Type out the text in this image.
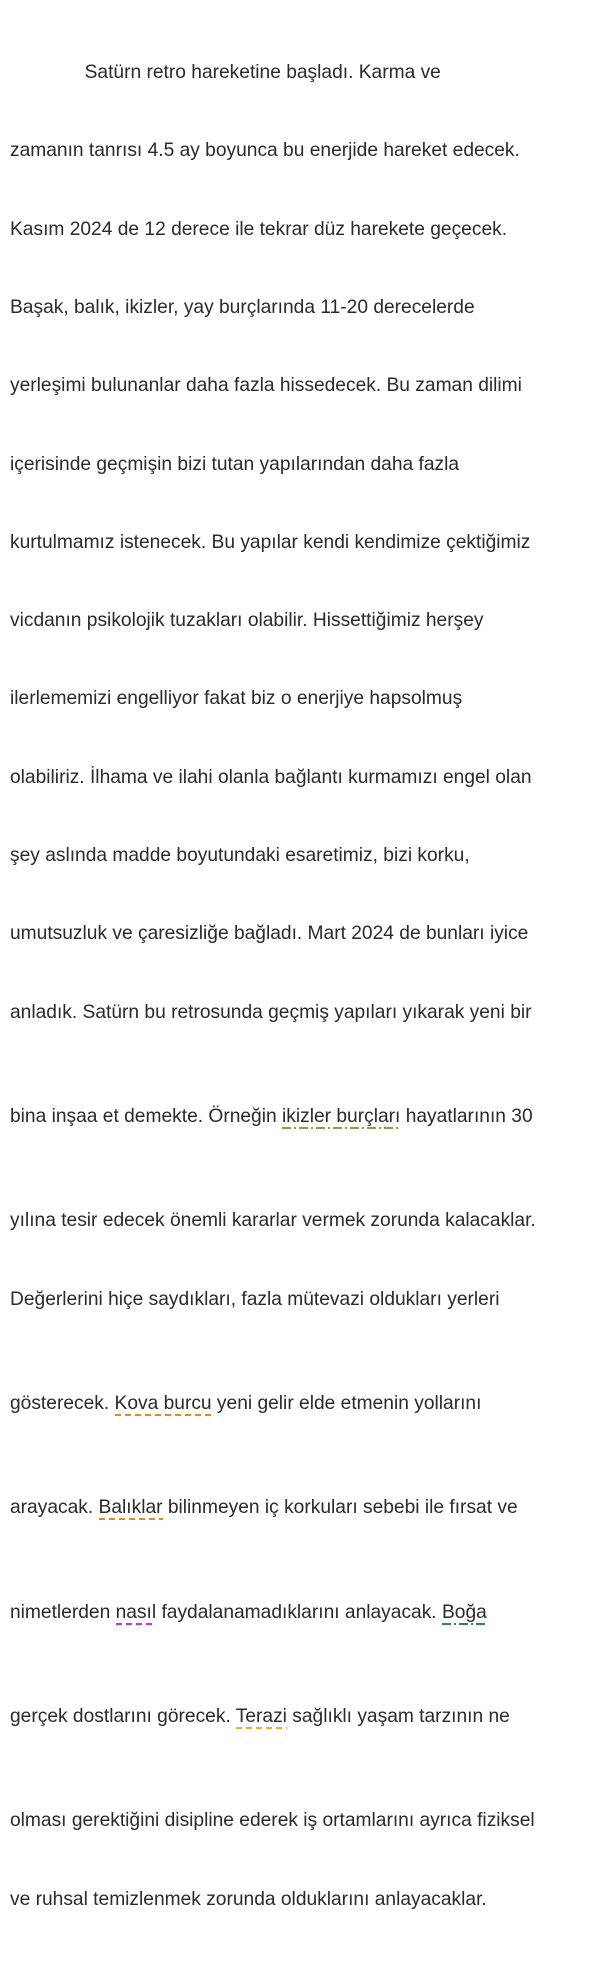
Satürn retro hareketine başladı. Karma ve

zamanın tanrısı 4.5 ay boyunca bu enerjide hareket edecek.

Kasım 2024 de 12 derece ile tekrar düz harekete geçecek.

Başak, balık, ikizler, yay burçlarında 11-20 derecelerde

yerleşimi bulunanlar daha fazla hissedecek. Bu zaman dilimi

içerisinde geçmişin bizi tutan yapılarından daha fazla

kurtulmamız istenecek. Bu yapılar kendi kendimize çektiğimiz

vicdanın psikolojik tuzakları olabilir. Hissettiğimiz herşey

ilerlememizi engelliyor fakat biz o enerjiye hapsolmuş

olabiliriz. İlhama ve ilahi olanla bağlantı kurmamızı engel olan

şey aslında madde boyutundaki esaretimiz, bizi korku,

umutsuzluk ve çaresizliğe bağladı. Mart 2024 de bunları iyice

anladık. Satürn bu retrosunda geçmiş yapıları yıkarak yeni bir

bina inşaa et demekte. Örneğin ikizler burçları hayatlarının 30

yılına tesir edecek önemli kararlar vermek zorunda kalacaklar.

Değerlerini hiçe saydıkları, fazla mütevazi oldukları yerleri

gösterecek. Kova burcu yeni gelir elde etmenin yollarını

arayacak. Balıklar bilinmeyen iç korkuları sebebi ile fırsat ve

nimetlerden nasıl faydalanamadıklarını anlayacak. Boğa

gerçek dostlarını görecek. Terazi sağlıklı yaşam tarzının ne

olması gerektiğini disipline ederek iş ortamlarını ayrıca fiziksel

ve ruhsal temizlenmek zorunda olduklarını anlayacaklar.
